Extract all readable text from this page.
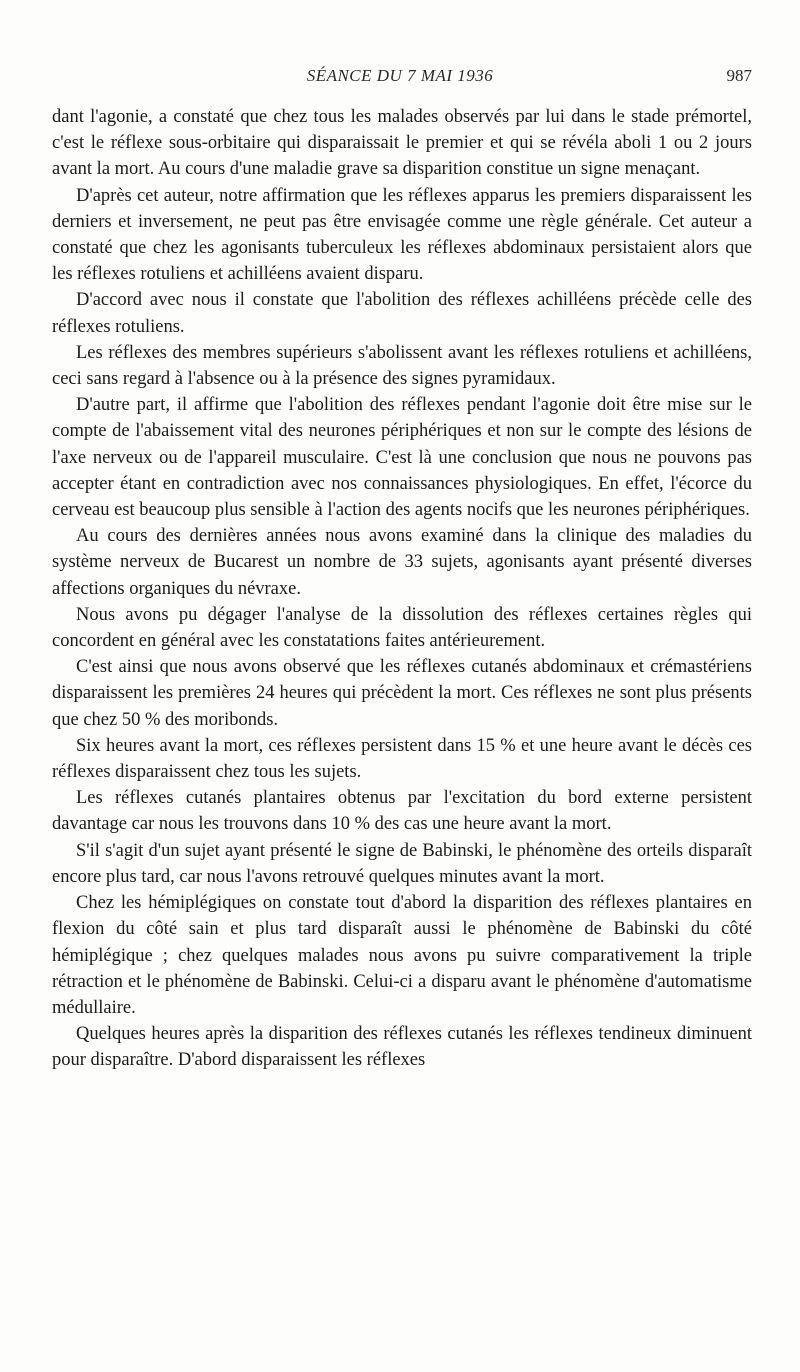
SÉANCE DU 7 MAI 1936	987

dant l'agonie, a constaté que chez tous les malades observés par lui dans le stade prémortel, c'est le réflexe sous-orbitaire qui disparaissait le premier et qui se révéla aboli 1 ou 2 jours avant la mort. Au cours d'une maladie grave sa disparition constitue un signe menaçant.

D'après cet auteur, notre affirmation que les réflexes apparus les premiers disparaissent les derniers et inversement, ne peut pas être envisagée comme une règle générale. Cet auteur a constaté que chez les agonisants tuberculeux les réflexes abdominaux persistaient alors que les réflexes rotuliens et achilléens avaient disparu.

D'accord avec nous il constate que l'abolition des réflexes achilléens précède celle des réflexes rotuliens.

Les réflexes des membres supérieurs s'abolissent avant les réflexes rotuliens et achilléens, ceci sans regard à l'absence ou à la présence des signes pyramidaux.

D'autre part, il affirme que l'abolition des réflexes pendant l'agonie doit être mise sur le compte de l'abaissement vital des neurones périphériques et non sur le compte des lésions de l'axe nerveux ou de l'appareil musculaire. C'est là une conclusion que nous ne pouvons pas accepter étant en contradiction avec nos connaissances physiologiques. En effet, l'écorce du cerveau est beaucoup plus sensible à l'action des agents nocifs que les neurones périphériques.

Au cours des dernières années nous avons examiné dans la clinique des maladies du système nerveux de Bucarest un nombre de 33 sujets, agonisants ayant présenté diverses affections organiques du névraxe.

Nous avons pu dégager l'analyse de la dissolution des réflexes certaines règles qui concordent en général avec les constatations faites antérieurement.

C'est ainsi que nous avons observé que les réflexes cutanés abdominaux et crémastériens disparaissent les premières 24 heures qui précèdent la mort. Ces réflexes ne sont plus présents que chez 50 % des moribonds.

Six heures avant la mort, ces réflexes persistent dans 15 % et une heure avant le décès ces réflexes disparaissent chez tous les sujets.

Les réflexes cutanés plantaires obtenus par l'excitation du bord externe persistent davantage car nous les trouvons dans 10 % des cas une heure avant la mort.

S'il s'agit d'un sujet ayant présenté le signe de Babinski, le phénomène des orteils disparaît encore plus tard, car nous l'avons retrouvé quelques minutes avant la mort.

Chez les hémiplégiques on constate tout d'abord la disparition des réflexes plantaires en flexion du côté sain et plus tard disparaît aussi le phénomène de Babinski du côté hémiplégique ; chez quelques malades nous avons pu suivre comparativement la triple rétraction et le phénomène de Babinski. Celui-ci a disparu avant le phénomène d'automatisme médullaire.

Quelques heures après la disparition des réflexes cutanés les réflexes tendineux diminuent pour disparaître. D'abord disparaissent les réflexes
